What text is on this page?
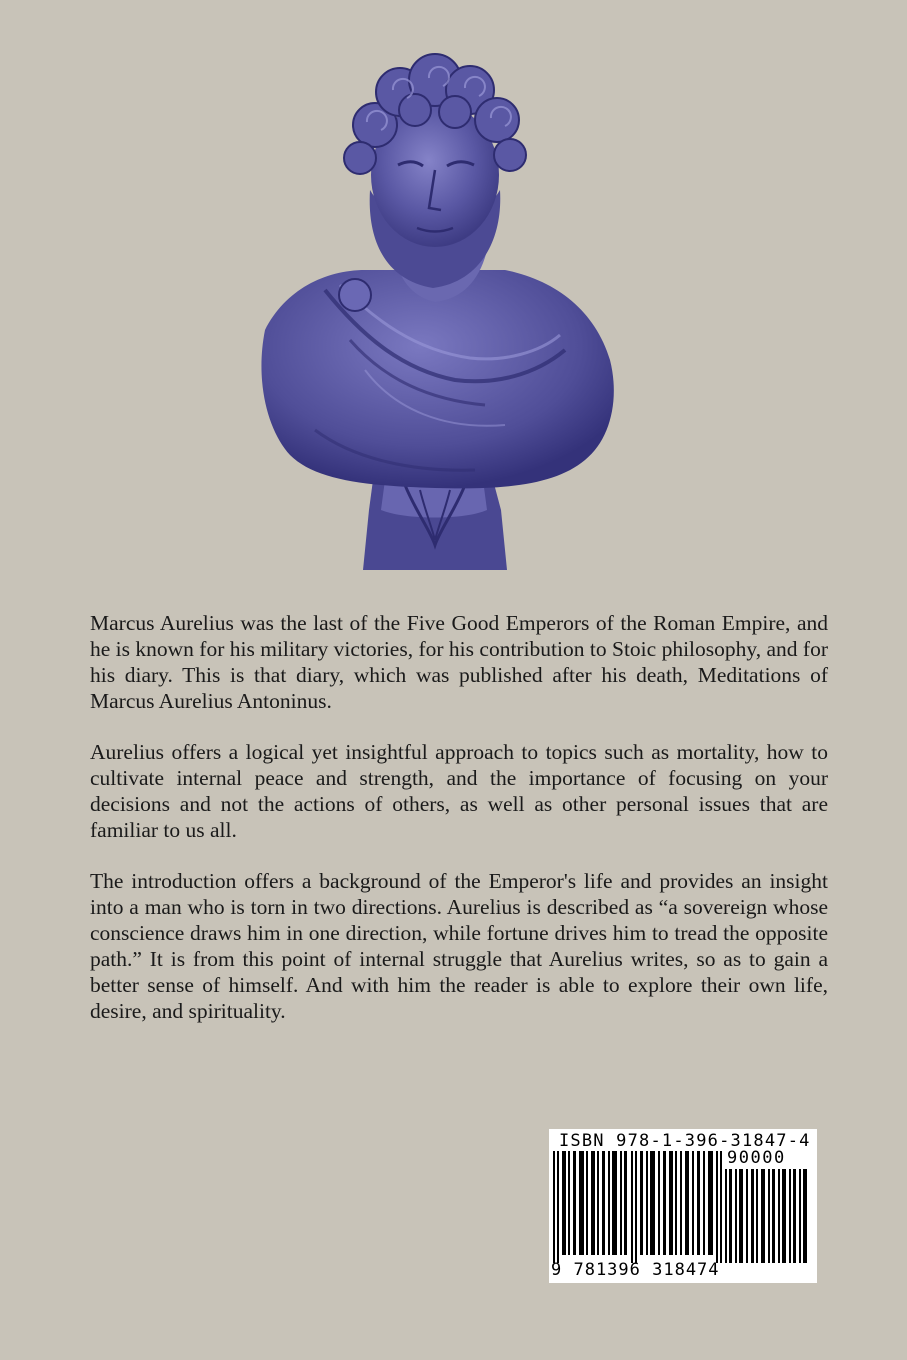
Marcus Aurelius was the last of the Five Good Emperors of the Roman Empire, and he is known for his military victories, for his contribution to Stoic philosophy, and for his diary. This is that diary, which was published after his death, Meditations of Marcus Aurelius Antoninus.

Aurelius offers a logical yet insightful approach to topics such as mortality, how to cultivate internal peace and strength, and the importance of focusing on your decisions and not the actions of others, as well as other personal issues that are familiar to us all.

The introduction offers a background of the Emperor's life and provides an insight into a man who is torn in two directions. Aurelius is described as “a sovereign whose conscience draws him in one direction, while fortune drives him to tread the opposite path.” It is from this point of internal struggle that Aurelius writes, so as to gain a better sense of himself. And with him the reader is able to explore their own life, desire, and spirituality.

ISBN 978-1-396-31847-4
90000
9 781396 318474
